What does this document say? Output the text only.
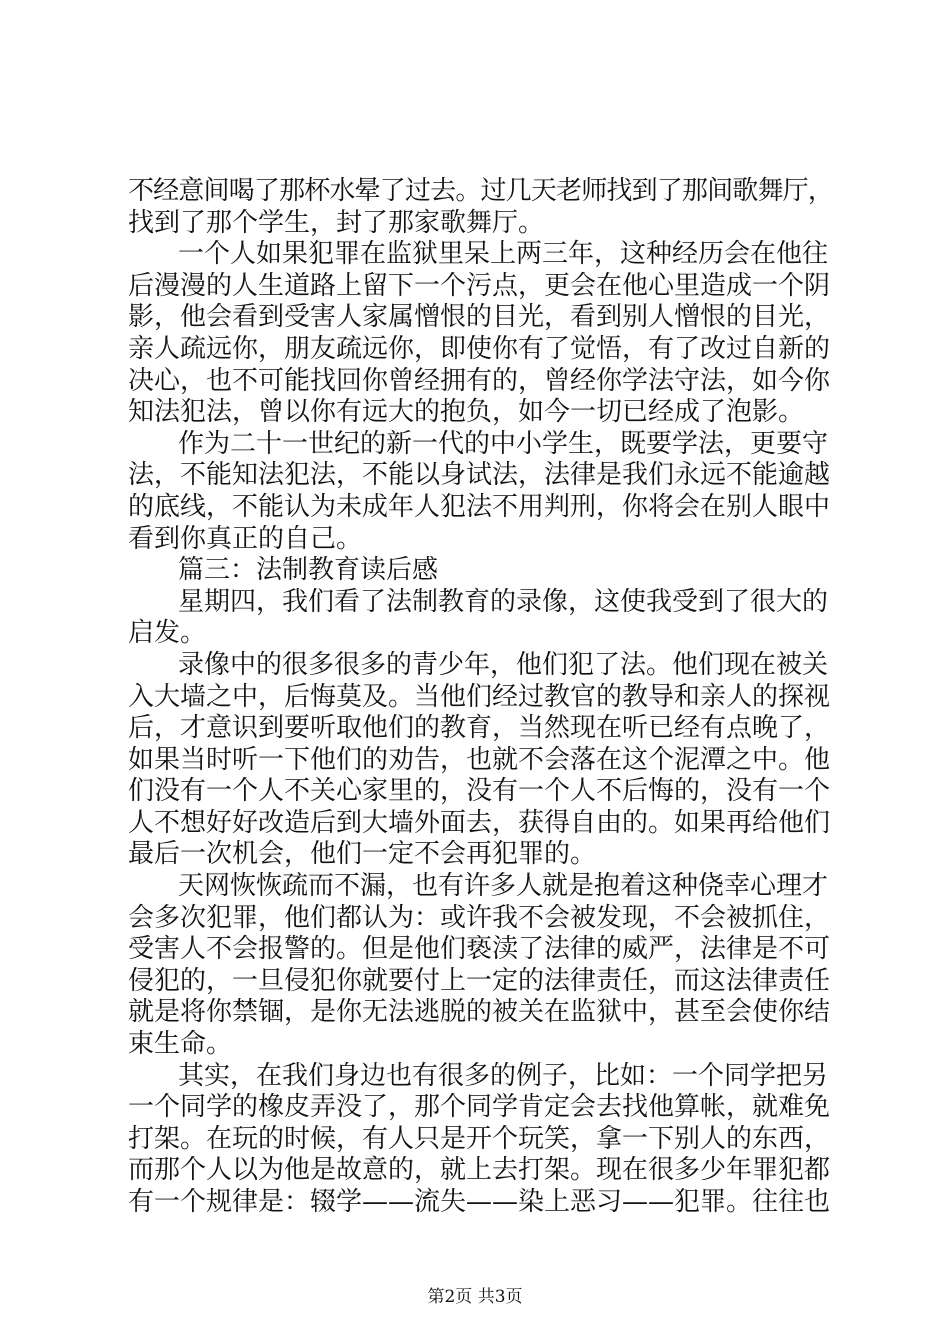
不经意间喝了那杯水晕了过去。过几天老师找到了那间歌舞厅，
找到了那个学生，封了那家歌舞厅。
一个人如果犯罪在监狱里呆上两三年，这种经历会在他往
后漫漫的人生道路上留下一个污点，更会在他心里造成一个阴
影，他会看到受害人家属憎恨的目光，看到别人憎恨的目光，
亲人疏远你，朋友疏远你，即使你有了觉悟，有了改过自新的
决心，也不可能找回你曾经拥有的，曾经你学法守法，如今你
知法犯法，曾以你有远大的抱负，如今一切已经成了泡影。
作为二十一世纪的新一代的中小学生，既要学法，更要守
法，不能知法犯法，不能以身试法，法律是我们永远不能逾越
的底线，不能认为未成年人犯法不用判刑，你将会在别人眼中
看到你真正的自己。
篇三：法制教育读后感
星期四，我们看了法制教育的录像，这使我受到了很大的
启发。
录像中的很多很多的青少年，他们犯了法。他们现在被关
入大墙之中，后悔莫及。当他们经过教官的教导和亲人的探视
后，才意识到要听取他们的教育，当然现在听已经有点晚了，
如果当时听一下他们的劝告，也就不会落在这个泥潭之中。他
们没有一个人不关心家里的，没有一个人不后悔的，没有一个
人不想好好改造后到大墙外面去，获得自由的。如果再给他们
最后一次机会，他们一定不会再犯罪的。
天网恢恢疏而不漏，也有许多人就是抱着这种侥幸心理才
会多次犯罪，他们都认为：或许我不会被发现，不会被抓住，
受害人不会报警的。但是他们亵渎了法律的威严，法律是不可
侵犯的，一旦侵犯你就要付上一定的法律责任，而这法律责任
就是将你禁锢，是你无法逃脱的被关在监狱中，甚至会使你结
束生命。
其实，在我们身边也有很多的例子，比如：一个同学把另
一个同学的橡皮弄没了，那个同学肯定会去找他算帐，就难免
打架。在玩的时候，有人只是开个玩笑，拿一下别人的东西，
而那个人以为他是故意的，就上去打架。现在很多少年罪犯都
有一个规律是：辍学——流失——染上恶习——犯罪。往往也
第2页 共3页
